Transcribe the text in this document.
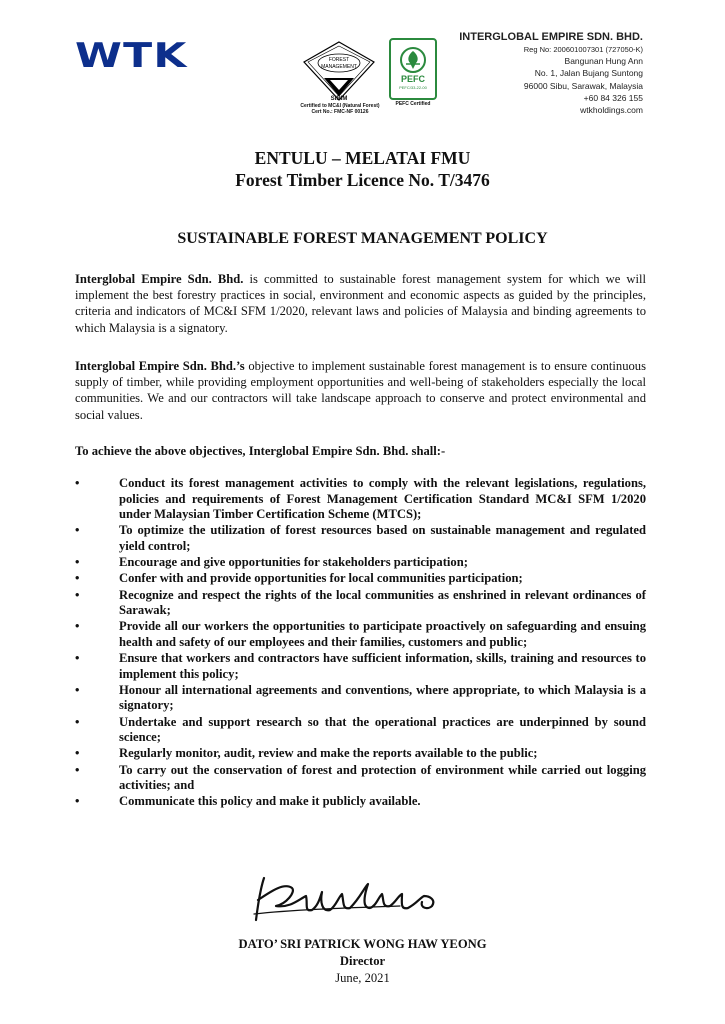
WTK	FOREST
MANAGEMENT
SIRIM
Certified to MC&I (Natural Forest)
Cert No.: FMC-NF 00126
PEFC
PEFC/33-22-00
PEFC Certified
INTERGLOBAL EMPIRE SDN. BHD.
Reg No: 200601007301 (727050-K)
Bangunan Hung Ann
No. 1, Jalan Bujang Suntong
96000 Sibu, Sarawak, Malaysia
+60 84 326 155
wtkholdings.com
ENTULU – MELATAI FMU
Forest Timber Licence No. T/3476
SUSTAINABLE FOREST MANAGEMENT POLICY
Interglobal Empire Sdn. Bhd. is committed to sustainable forest management system for which we will implement the best forestry practices in social, environment and economic aspects as guided by the principles, criteria and indicators of MC&I SFM 1/2020, relevant laws and policies of Malaysia and binding agreements to which Malaysia is a signatory.
Interglobal Empire Sdn. Bhd.’s objective to implement sustainable forest management is to ensure continuous supply of timber, while providing employment opportunities and well-being of stakeholders especially the local communities. We and our contractors will take landscape approach to conserve and protect environmental and social values.
To achieve the above objectives, Interglobal Empire Sdn. Bhd. shall:-
•	Conduct its forest management activities to comply with the relevant legislations, regulations, policies and requirements of Forest Management Certification Standard MC&I SFM 1/2020 under Malaysian Timber Certification Scheme (MTCS);
•	To optimize the utilization of forest resources based on sustainable management and regulated yield control;
•	Encourage and give opportunities for stakeholders participation;
•	Confer with and provide opportunities for local communities participation;
•	Recognize and respect the rights of the local communities as enshrined in relevant ordinances of Sarawak;
•	Provide all our workers the opportunities to participate proactively on safeguarding and ensuing health and safety of our employees and their families, customers and public;
•	Ensure that workers and contractors have sufficient information, skills, training and resources to implement this policy;
•	Honour all international agreements and conventions, where appropriate, to which Malaysia is a signatory;
•	Undertake and support research so that the operational practices are underpinned by sound science;
•	Regularly monitor, audit, review and make the reports available to the public;
•	To carry out the conservation of forest and protection of environment while carried out logging activities; and
•	Communicate this policy and make it publicly available.
DATO’ SRI PATRICK WONG HAW YEONG
Director
June, 2021
